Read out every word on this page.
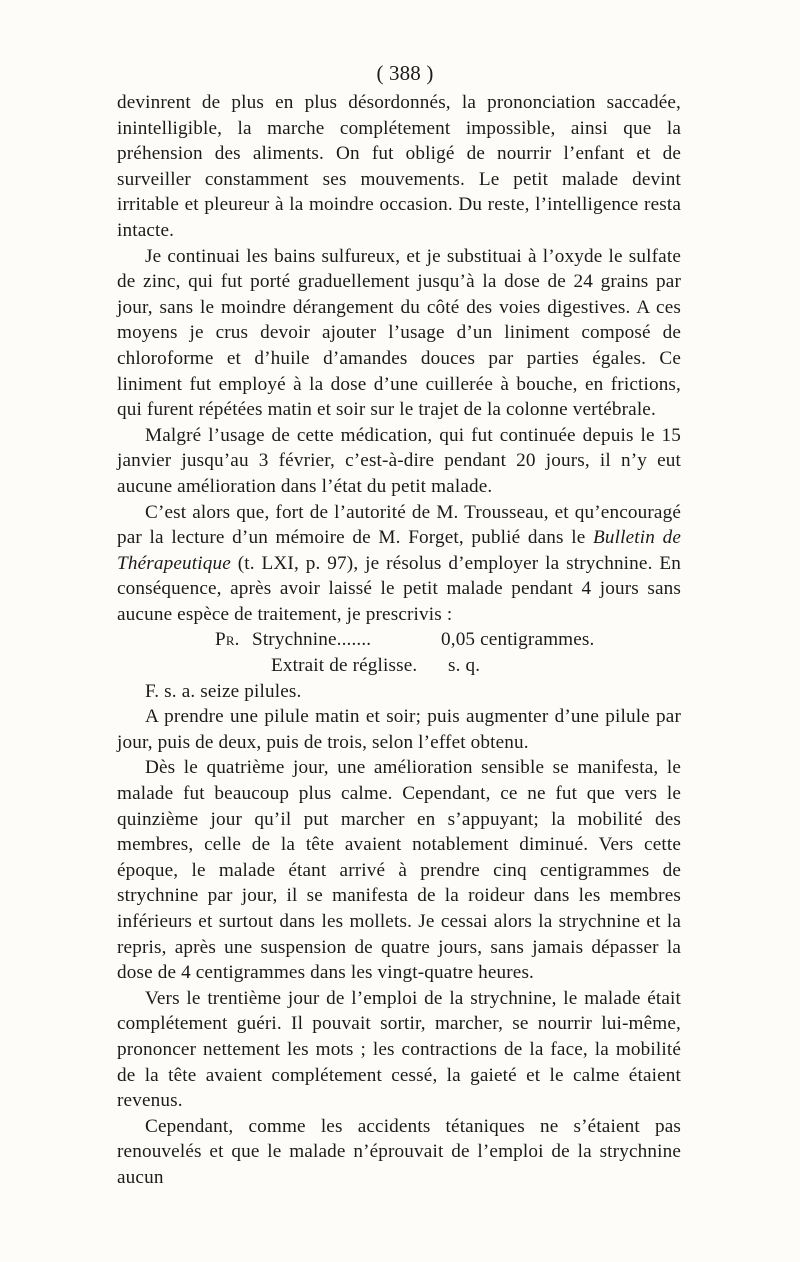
( 388 )

devinrent de plus en plus désordonnés, la prononciation saccadée, inintelligible, la marche complétement impossible, ainsi que la préhension des aliments. On fut obligé de nourrir l’enfant et de surveiller constamment ses mouvements. Le petit malade devint irritable et pleureur à la moindre occasion. Du reste, l’intelligence resta intacte.

Je continuai les bains sulfureux, et je substituai à l’oxyde le sulfate de zinc, qui fut porté graduellement jusqu’à la dose de 24 grains par jour, sans le moindre dérangement du côté des voies digestives. A ces moyens je crus devoir ajouter l’usage d’un liniment composé de chloroforme et d’huile d’amandes douces par parties égales. Ce liniment fut employé à la dose d’une cuillerée à bouche, en frictions, qui furent répétées matin et soir sur le trajet de la colonne vertébrale.

Malgré l’usage de cette médication, qui fut continuée depuis le 15 janvier jusqu’au 3 février, c’est-à-dire pendant 20 jours, il n’y eut aucune amélioration dans l’état du petit malade.

C’est alors que, fort de l’autorité de M. Trousseau, et qu’encouragé par la lecture d’un mémoire de M. Forget, publié dans le Bulletin de Thérapeutique (t. LXI, p. 97), je résolus d’employer la strychnine. En conséquence, après avoir laissé le petit malade pendant 4 jours sans aucune espèce de traitement, je prescrivis :

Pr. Strychnine.......	0,05 centigrammes.
Extrait de réglisse. s. q.

F. s. a. seize pilules.

A prendre une pilule matin et soir; puis augmenter d’une pilule par jour, puis de deux, puis de trois, selon l’effet obtenu.

Dès le quatrième jour, une amélioration sensible se manifesta, le malade fut beaucoup plus calme. Cependant, ce ne fut que vers le quinzième jour qu’il put marcher en s’appuyant; la mobilité des membres, celle de la tête avaient notablement diminué. Vers cette époque, le malade étant arrivé à prendre cinq centigrammes de strychnine par jour, il se manifesta de la roideur dans les membres inférieurs et surtout dans les mollets. Je cessai alors la strychnine et la repris, après une suspension de quatre jours, sans jamais dépasser la dose de 4 centigrammes dans les vingt-quatre heures.

Vers le trentième jour de l’emploi de la strychnine, le malade était complétement guéri. Il pouvait sortir, marcher, se nourrir lui-même, prononcer nettement les mots ; les contractions de la face, la mobilité de la tête avaient complétement cessé, la gaieté et le calme étaient revenus.

Cependant, comme les accidents tétaniques ne s’étaient pas renouvelés et que le malade n’éprouvait de l’emploi de la strychnine aucun
